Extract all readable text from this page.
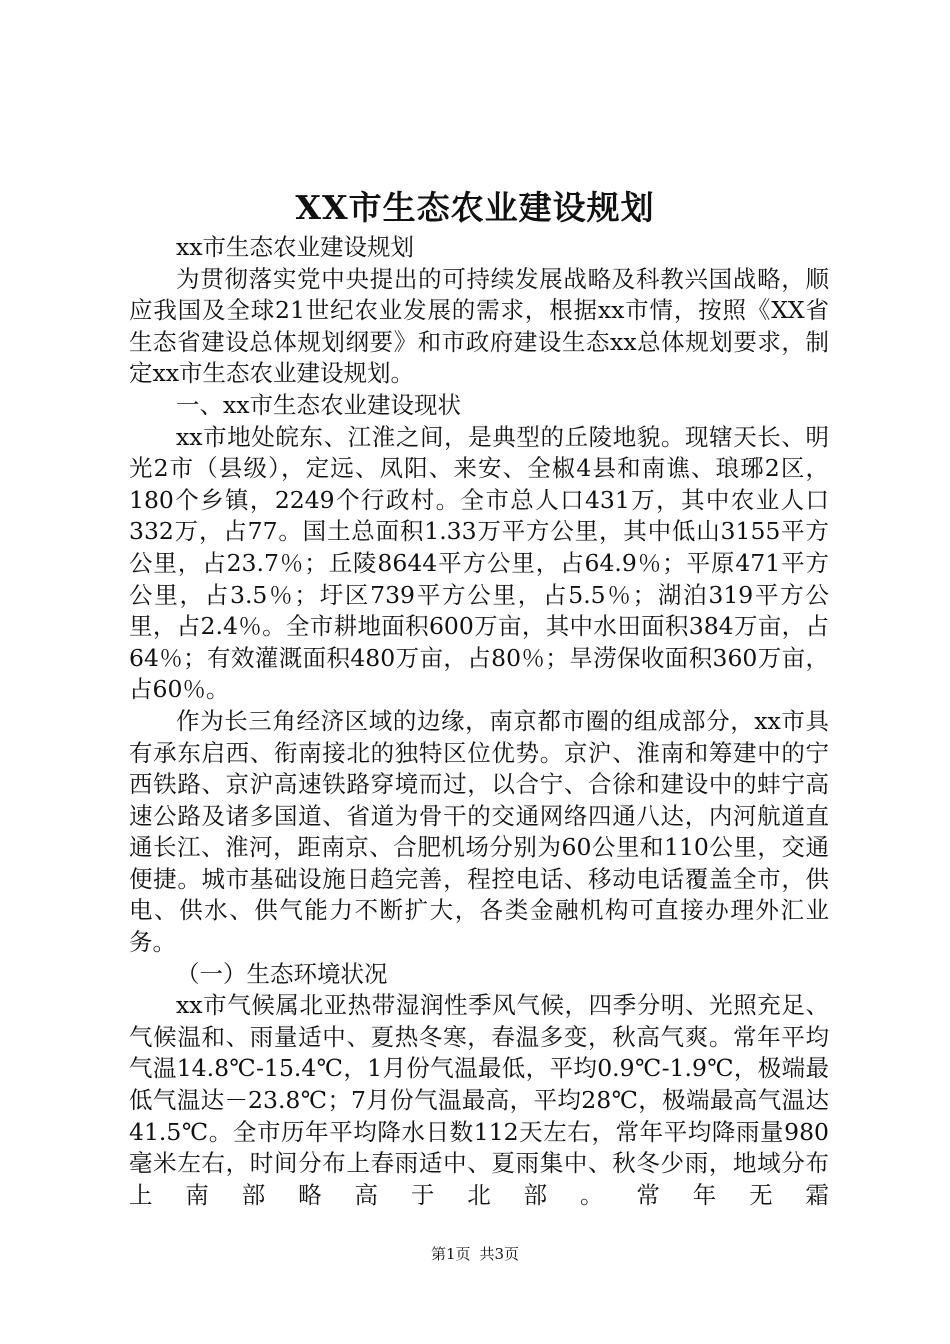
XX市生态农业建设规划

xx市生态农业建设规划

为贯彻落实党中央提出的可持续发展战略及科教兴国战略，顺应我国及全球21世纪农业发展的需求，根据xx市情，按照《XX省生态省建设总体规划纲要》和市政府建设生态xx总体规划要求，制定xx市生态农业建设规划。

一、xx市生态农业建设现状

xx市地处皖东、江淮之间，是典型的丘陵地貌。现辖天长、明光2市（县级），定远、凤阳、来安、全椒4县和南谯、琅琊2区，180个乡镇，2249个行政村。全市总人口431万，其中农业人口332万，占77。国土总面积1.33万平方公里，其中低山3155平方公里，占23.7％；丘陵8644平方公里，占64.9％；平原471平方公里，占3.5％；圩区739平方公里，占5.5％；湖泊319平方公里，占2.4％。全市耕地面积600万亩，其中水田面积384万亩，占64％；有效灌溉面积480万亩，占80％；旱涝保收面积360万亩，占60％。

作为长三角经济区域的边缘，南京都市圈的组成部分，xx市具有承东启西、衔南接北的独特区位优势。京沪、淮南和筹建中的宁西铁路、京沪高速铁路穿境而过，以合宁、合徐和建设中的蚌宁高速公路及诸多国道、省道为骨干的交通网络四通八达，内河航道直通长江、淮河，距南京、合肥机场分别为60公里和110公里，交通便捷。城市基础设施日趋完善，程控电话、移动电话覆盖全市，供电、供水、供气能力不断扩大，各类金融机构可直接办理外汇业务。

（一）生态环境状况

xx市气候属北亚热带湿润性季风气候，四季分明、光照充足、气候温和、雨量适中、夏热冬寒，春温多变，秋高气爽。常年平均气温14.8℃-15.4℃，1月份气温最低，平均0.9℃-1.9℃，极端最低气温达－23.8℃；7月份气温最高，平均28℃，极端最高气温达41.5℃。全市历年平均降水日数112天左右，常年平均降雨量980毫米左右，时间分布上春雨适中、夏雨集中、秋冬少雨，地域分布上南部略高于北部。常年无霜

第1页 共3页
